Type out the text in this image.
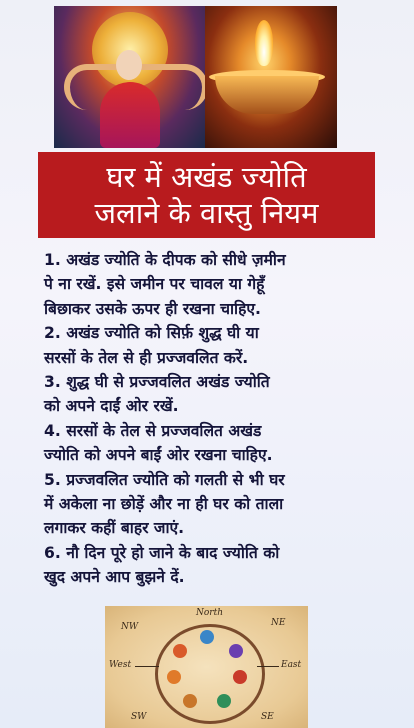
घर में अखंड ज्योति
जलाने के वास्तु नियम
1. अखंड ज्योति के दीपक को सीधे ज़मीन
पे ना रखें. इसे जमीन पर चावल या गेहूँ
बिछाकर उसके ऊपर ही रखना चाहिए.
2. अखंड ज्योति को सिर्फ़ शुद्ध घी या
सरसों के तेल से ही प्रज्जवलित करें.
3. शुद्ध घी से प्रज्जवलित अखंड ज्योति
को अपने दाईं ओर रखें.
4. सरसों के तेल से प्रज्जवलित अखंड
ज्योति को अपने बाईं ओर रखना चाहिए.
5. प्रज्जवलित ज्योति को गलती से भी घर
में अकेला ना छोड़ें और ना ही घर को ताला
लगाकर कहीं बाहर जाएं.
6. नौ दिन पूरे हो जाने के बाद ज्योति को
खुद अपने आप बुझने दें.
North
NE
NW
West	East
SW	SE
